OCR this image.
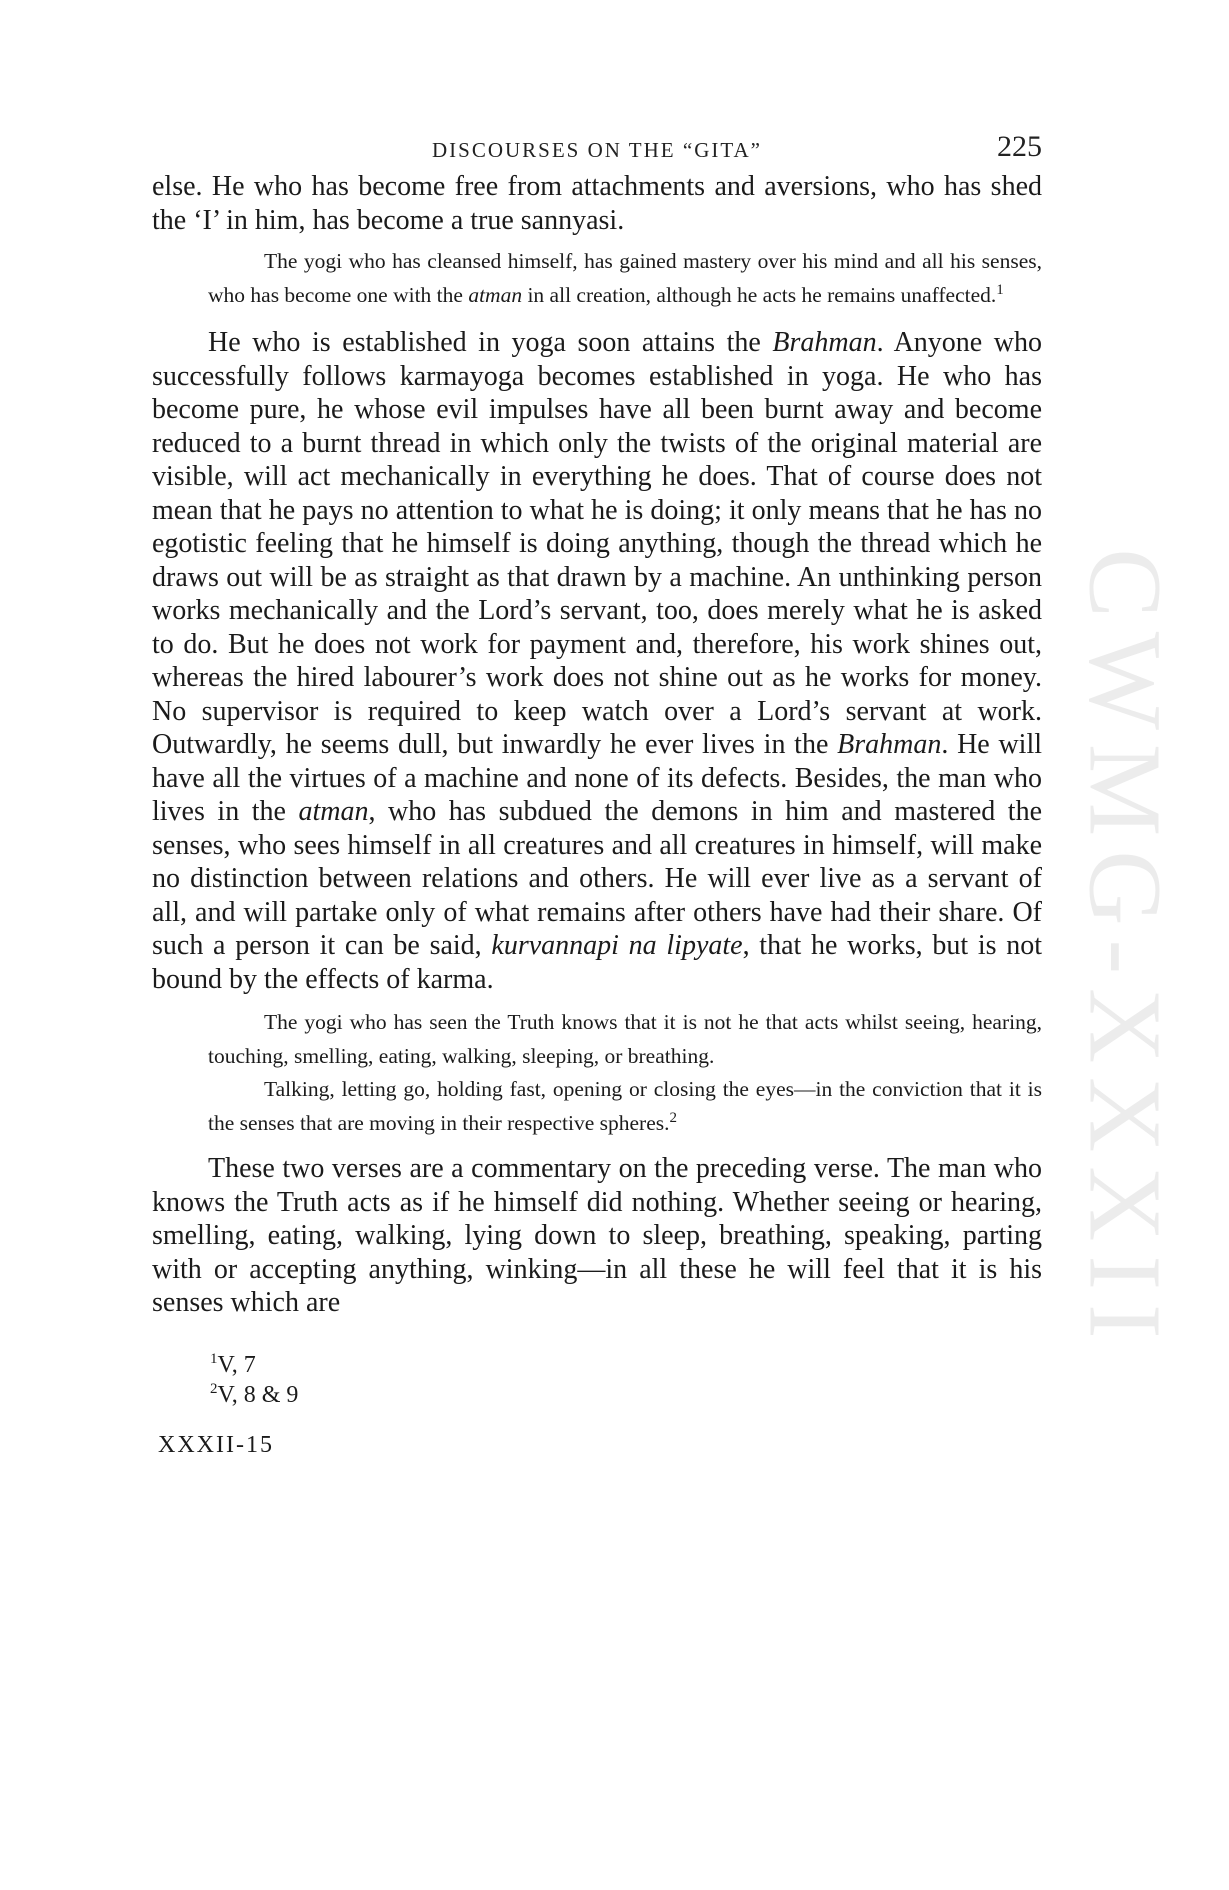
CWMG-XXXII
DISCOURSES ON THE “GITA”	225

else. He who has become free from attachments and aversions, who has shed the ‘I’ in him, has become a true sannyasi.

The yogi who has cleansed himself, has gained mastery over his mind and all his senses, who has become one with the atman in all creation, although he acts he remains unaffected.$^1$

He who is established in yoga soon attains the Brahman. Anyone who successfully follows karmayoga becomes established in yoga. He who has become pure, he whose evil impulses have all been burnt away and become reduced to a burnt thread in which only the twists of the original material are visible, will act mechanically in everything he does. That of course does not mean that he pays no attention to what he is doing; it only means that he has no egotistic feeling that he himself is doing anything, though the thread which he draws out will be as straight as that drawn by a machine. An unthinking person works mechanically and the Lord’s servant, too, does merely what he is asked to do. But he does not work for payment and, therefore, his work shines out, whereas the hired labourer’s work does not shine out as he works for money. No supervisor is required to keep watch over a Lord’s servant at work. Outwardly, he seems dull, but inwardly he ever lives in the Brahman. He will have all the virtues of a machine and none of its defects. Besides, the man who lives in the atman, who has subdued the demons in him and mastered the senses, who sees himself in all creatures and all creatures in himself, will make no distinction between relations and others. He will ever live as a servant of all, and will partake only of what remains after others have had their share. Of such a person it can be said, kurvannapi na lipyate, that he works, but is not bound by the effects of karma.

The yogi who has seen the Truth knows that it is not he that acts whilst seeing, hearing, touching, smelling, eating, walking, sleeping, or breathing.

Talking, letting go, holding fast, opening or closing the eyes—in the conviction that it is the senses that are moving in their respective spheres.$^2$

These two verses are a commentary on the preceding verse. The man who knows the Truth acts as if he himself did nothing. Whether seeing or hearing, smelling, eating, walking, lying down to sleep, breathing, speaking, parting with or accepting anything, winking—in all these he will feel that it is his senses which are

$^1$V, 7
$^2$V, 8 & 9
XXXII-15
